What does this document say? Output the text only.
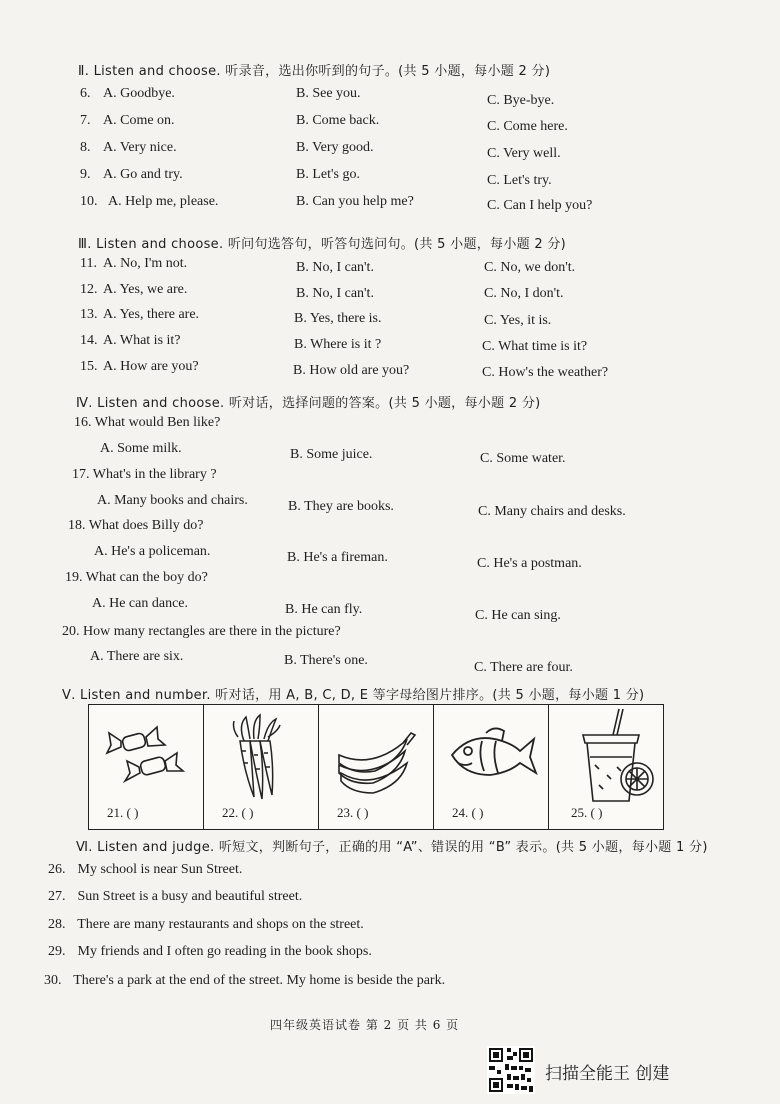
Ⅱ. Listen and choose. 听录音，选出你听到的句子。(共 5 小题，每小题 2 分)
6. A. Goodbye.	B. See you.	C. Bye-bye.
7. A. Come on.	B. Come back.	C. Come here.
8. A. Very nice.	B. Very good.	C. Very well.
9. A. Go and try.	B. Let's go.	C. Let's try.
10. A. Help me, please.	B. Can you help me?	C. Can I help you?
Ⅲ. Listen and choose. 听问句选答句，听答句选问句。(共 5 小题，每小题 2 分)
11. A. No, I'm not.	B. No, I can't.	C. No, we don't.
12. A. Yes, we are.	B. No, I can't.	C. No, I don't.
13. A. Yes, there are.	B. Yes, there is.	C. Yes, it is.
14. A. What is it?	B. Where is it ?	C. What time is it?
15. A. How are you?	B. How old are you?	C. How's the weather?
Ⅳ. Listen and choose. 听对话，选择问题的答案。(共 5 小题，每小题 2 分)
16. What would Ben like?
A. Some milk.	B. Some juice.	C. Some water.
17. What's in the library ?
A. Many books and chairs.	B. They are books.	C. Many chairs and desks.
18. What does Billy do?
A. He's a policeman.	B. He's a fireman.	C. He's a postman.
19. What can the boy do?
A. He can dance.	B. He can fly.	C. He can sing.
20. How many rectangles are there in the picture?
A. There are six.	B. There's one.	C. There are four.
Ⅴ. Listen and number. 听对话，用 A, B, C, D, E 等字母给图片排序。(共 5 小题，每小题 1 分)
21. ( )	22. ( )	23. ( )	24. ( )	25. ( )
Ⅵ. Listen and judge. 听短文，判断句子，正确的用 “A”、错误的用 “B” 表示。(共 5 小题，每小题 1 分)
26. My school is near Sun Street.
27. Sun Street is a busy and beautiful street.
28. There are many restaurants and shops on the street.
29. My friends and I often go reading in the book shops.
30. There's a park at the end of the street. My home is beside the park.
四年级英语试卷 第 2 页 共 6 页
扫描全能王 创建
